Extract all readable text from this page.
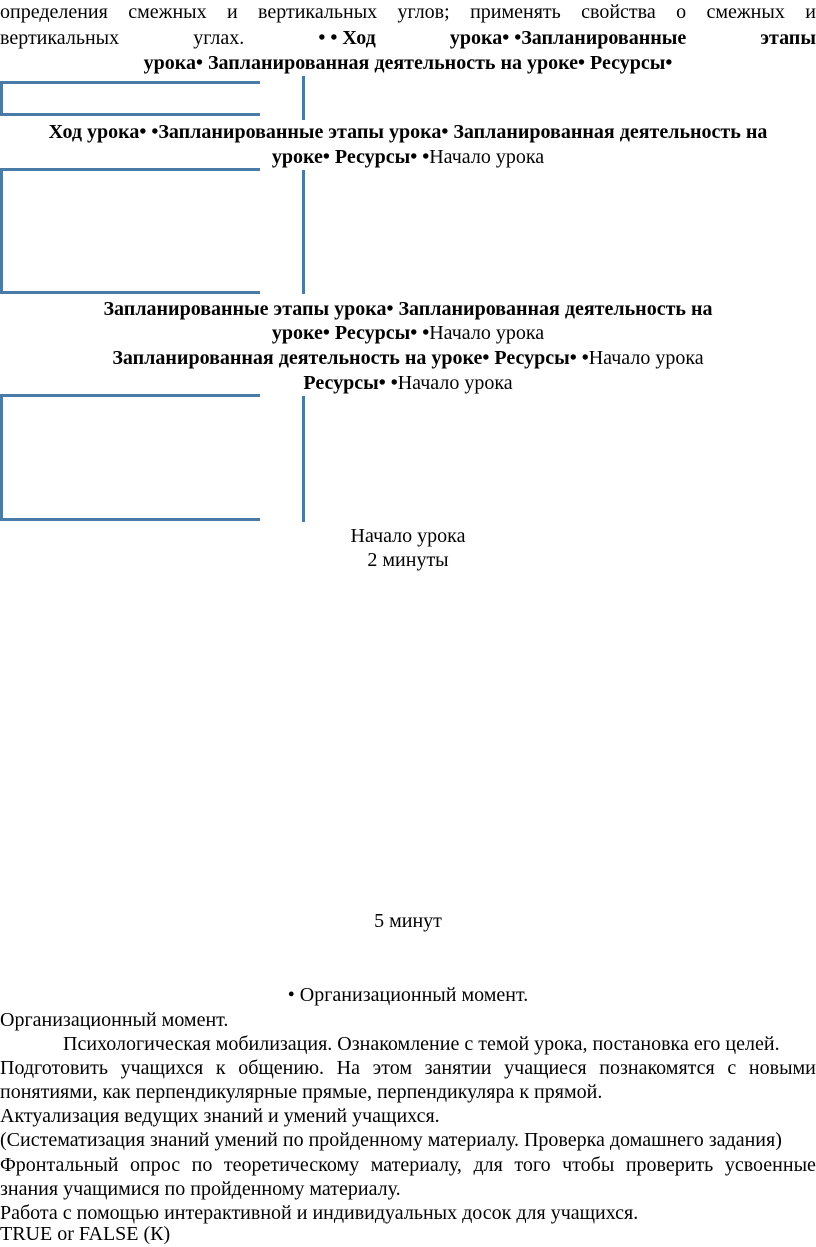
определения смежных и вертикальных углов; применять свойства о смежных и
вертикальных	углах.	• • Ход	урока• •Запланированные	этапы
урока• Запланированная деятельность на уроке• Ресурсы•
Ход урока• •Запланированные этапы урока• Запланированная деятельность на
уроке• Ресурсы• •Начало урока
Запланированные этапы урока• Запланированная деятельность на
уроке• Ресурсы• •Начало урока
Запланированная деятельность на уроке• Ресурсы• •Начало урока
Ресурсы• •Начало урока
Начало урока
2 минуты
5 минут
• Организационный момент.
Организационный момент.
Психологическая мобилизация. Ознакомление с темой урока, постановка его целей.
Подготовить учащихся к общению. На этом занятии учащиеся познакомятся с новыми
понятиями, как перпендикулярные прямые, перпендикуляра к прямой.
Актуализация ведущих знаний и умений учащихся.
(Систематизация знаний умений по пройденному материалу. Проверка домашнего задания)
Фронтальный опрос по теоретическому материалу, для того чтобы проверить усвоенные
знания учащимися по пройденному материалу.
Работа с помощью интерактивной и индивидуальных досок для учащихся.
TRUE or FALSE (К)
